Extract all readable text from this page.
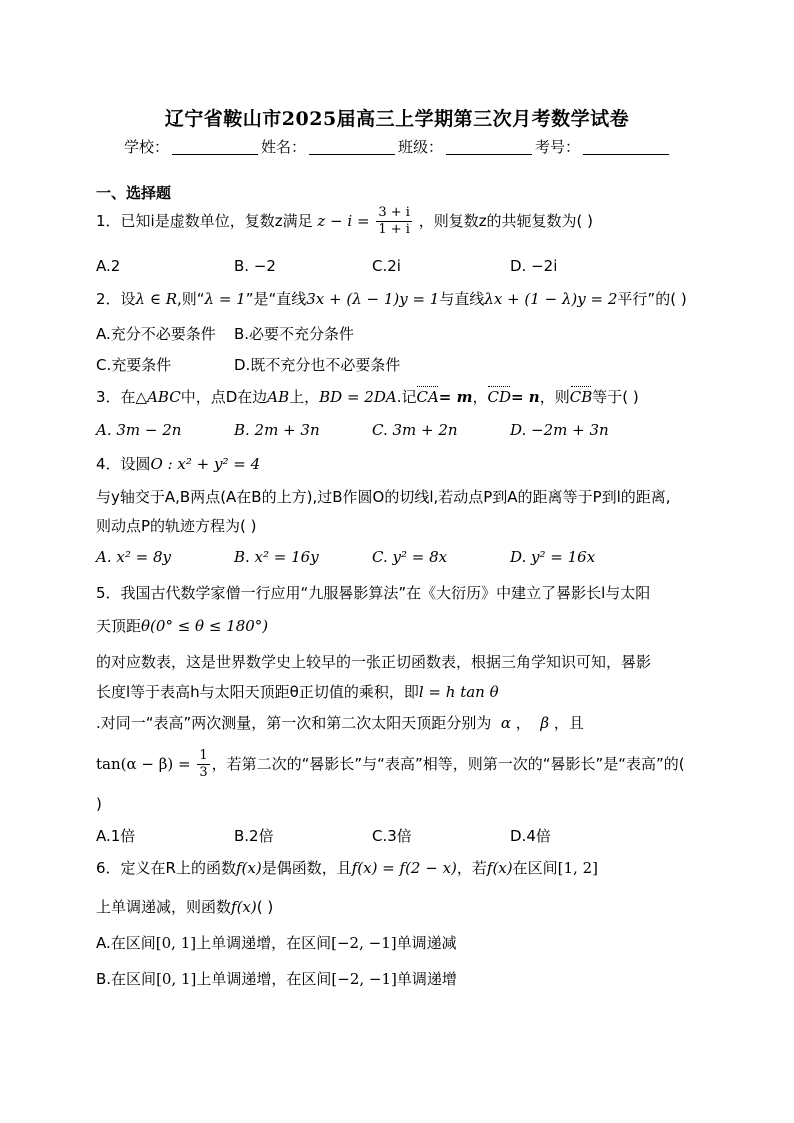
辽宁省鞍山市2025届高三上学期第三次月考数学试卷
学校：	姓名：	班级：	考号：
一、选择题
1．已知i是虚数单位，复数z满足 $z - i = \frac{3 + i}{1 + i}$ ，则复数z的共轭复数为( )
A.2	B. −2	C.2i	D. −2i
2．设λ ∈ R,则“λ = 1”是“直线3x + (λ − 1)y = 1与直线λx + (1 − λ)y = 2平行”的( )
A.充分不必要条件 B.必要不充分条件
C.充要条件	D.既不充分也不必要条件
3．在△ABC中，点D在边AB上，BD = 2DA.记CA= m，CD= n，则CB等于( )
A. 3m − 2n	B. 2m + 3n	C. 3m + 2n	D. −2m + 3n
4．设圆O : x² + y² = 4
与y轴交于A,B两点(A在B的上方),过B作圆O的切线l,若动点P到A的距离等于P到l的距离,
则动点P的轨迹方程为( )
A. x² = 8y	B. x² = 16y	C. y² = 8x	D. y² = 16x
5．我国古代数学家僧一行应用“九服晷影算法”在《大衍历》中建立了晷影长l与太阳
天顶距θ(0° ≤ θ ≤ 180°)
的对应数表，这是世界数学史上较早的一张正切函数表，根据三角学知识可知，晷影
长度l等于表高h与太阳天顶距θ正切值的乘积，即l = h tan θ
.对同一“表高”两次测量，第一次和第二次太阳天顶距分别为 α ， β ，且
$\tan(\alpha - \beta) = \frac{1}{3}$ ，若第二次的“晷影长”与“表高”相等，则第一次的“晷影长”是“表高”的(
)
A.1倍	B.2倍	C.3倍	D.4倍
6．定义在R上的函数f(x)是偶函数，且f(x) = f(2 − x)，若f(x)在区间[1, 2]
上单调递减，则函数f(x)( )
A.在区间[0, 1]上单调递增，在区间[−2, −1]单调递减
B.在区间[0, 1]上单调递增，在区间[−2, −1]单调递增
